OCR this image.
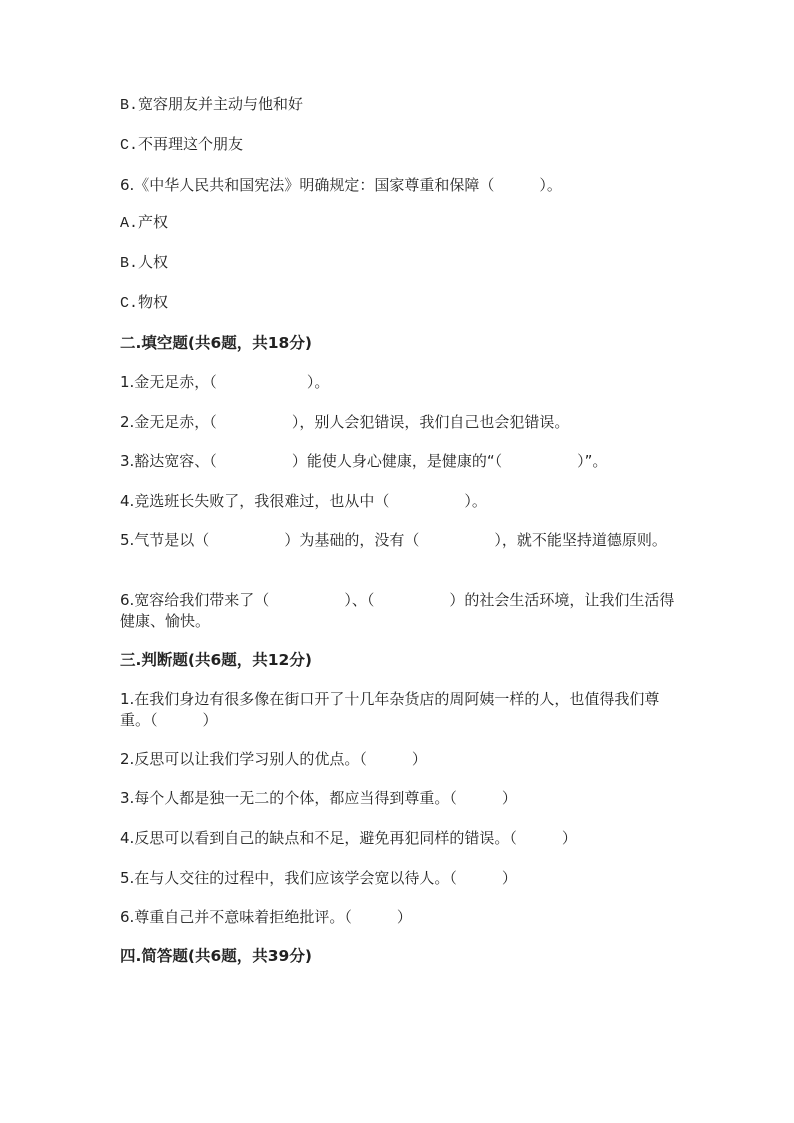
B.宽容朋友并主动与他和好
C.不再理这个朋友
6.《中华人民共和国宪法》明确规定：国家尊重和保障（　　　）。
A.产权
B.人权
C.物权
二.填空题(共6题，共18分)
1.金无足赤，（　　　　　　）。
2.金无足赤，（　　　　　），别人会犯错误，我们自己也会犯错误。
3.豁达宽容、（　　　　　）能使人身心健康，是健康的“（　　　　　）”。
4.竞选班长失败了，我很难过，也从中（　　　　　）。
5.气节是以（　　　　　）为基础的，没有（　　　　　），就不能坚持道德原则。
6.宽容给我们带来了（　　　　　）、（　　　　　）的社会生活环境，让我们生活得健康、愉快。
三.判断题(共6题，共12分)
1.在我们身边有很多像在街口开了十几年杂货店的周阿姨一样的人，也值得我们尊重。（　　　）
2.反思可以让我们学习别人的优点。（　　　）
3.每个人都是独一无二的个体，都应当得到尊重。（　　　）
4.反思可以看到自己的缺点和不足，避免再犯同样的错误。（　　　）
5.在与人交往的过程中，我们应该学会宽以待人。（　　　）
6.尊重自己并不意味着拒绝批评。（　　　）
四.简答题(共6题，共39分)
